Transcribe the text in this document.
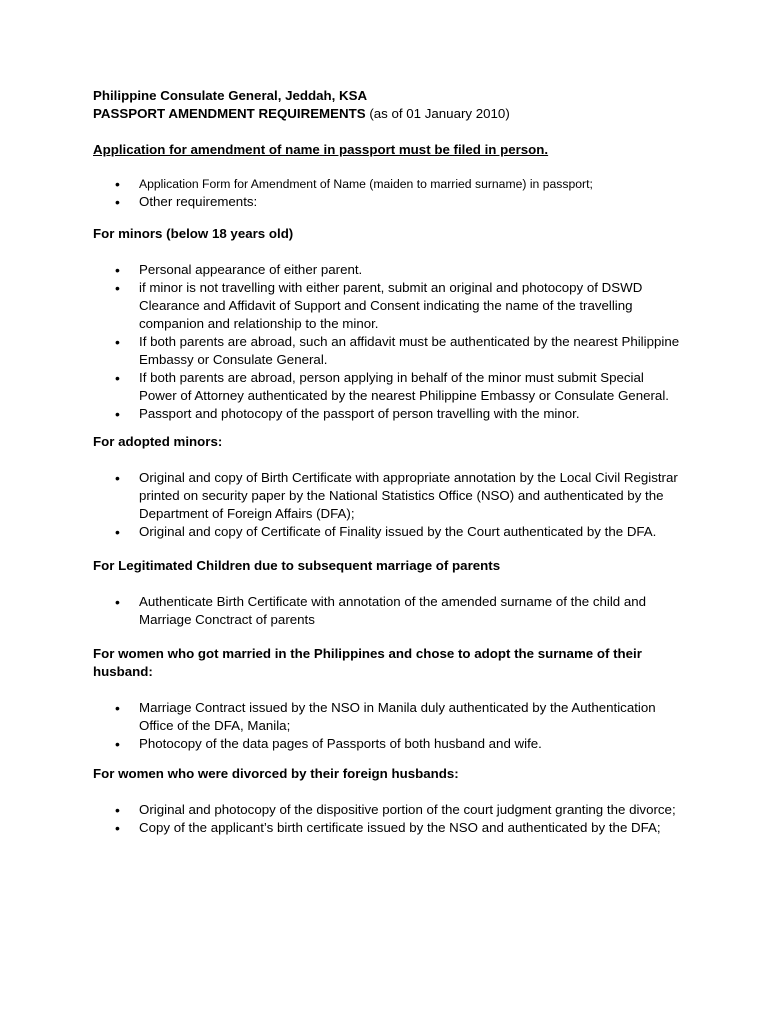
Philippine Consulate General, Jeddah, KSA

PASSPORT AMENDMENT REQUIREMENTS (as of 01 January 2010)

Application for amendment of name in passport must be filed in person.

• Application Form for Amendment of Name (maiden to married surname) in passport;
• Other requirements:

For minors (below 18 years old)

• Personal appearance of either parent.
• if minor is not travelling with either parent, submit an original and photocopy of DSWD Clearance and Affidavit of Support and Consent indicating the name of the travelling companion and relationship to the minor.
• If both parents are abroad, such an affidavit must be authenticated by the nearest Philippine Embassy or Consulate General.
• If both parents are abroad, person applying in behalf of the minor must submit Special Power of Attorney authenticated by the nearest Philippine Embassy or Consulate General.
• Passport and photocopy of the passport of person travelling with the minor.

For adopted minors:

• Original and copy of Birth Certificate with appropriate annotation by the Local Civil Registrar printed on security paper by the National Statistics Office (NSO) and authenticated by the Department of Foreign Affairs (DFA);
• Original and copy of Certificate of Finality issued by the Court authenticated by the DFA.

For Legitimated Children due to subsequent marriage of parents

• Authenticate Birth Certificate with annotation of the amended surname of the child and Marriage Conctract of parents

For women who got married in the Philippines and chose to adopt the surname of their husband:

• Marriage Contract issued by the NSO in Manila duly authenticated by the Authentication Office of the DFA, Manila;
• Photocopy of the data pages of Passports of both husband and wife.

For women who were divorced by their foreign husbands:

• Original and photocopy of the dispositive portion of the court judgment granting the divorce;
• Copy of the applicant’s birth certificate issued by the NSO and authenticated by the DFA;
